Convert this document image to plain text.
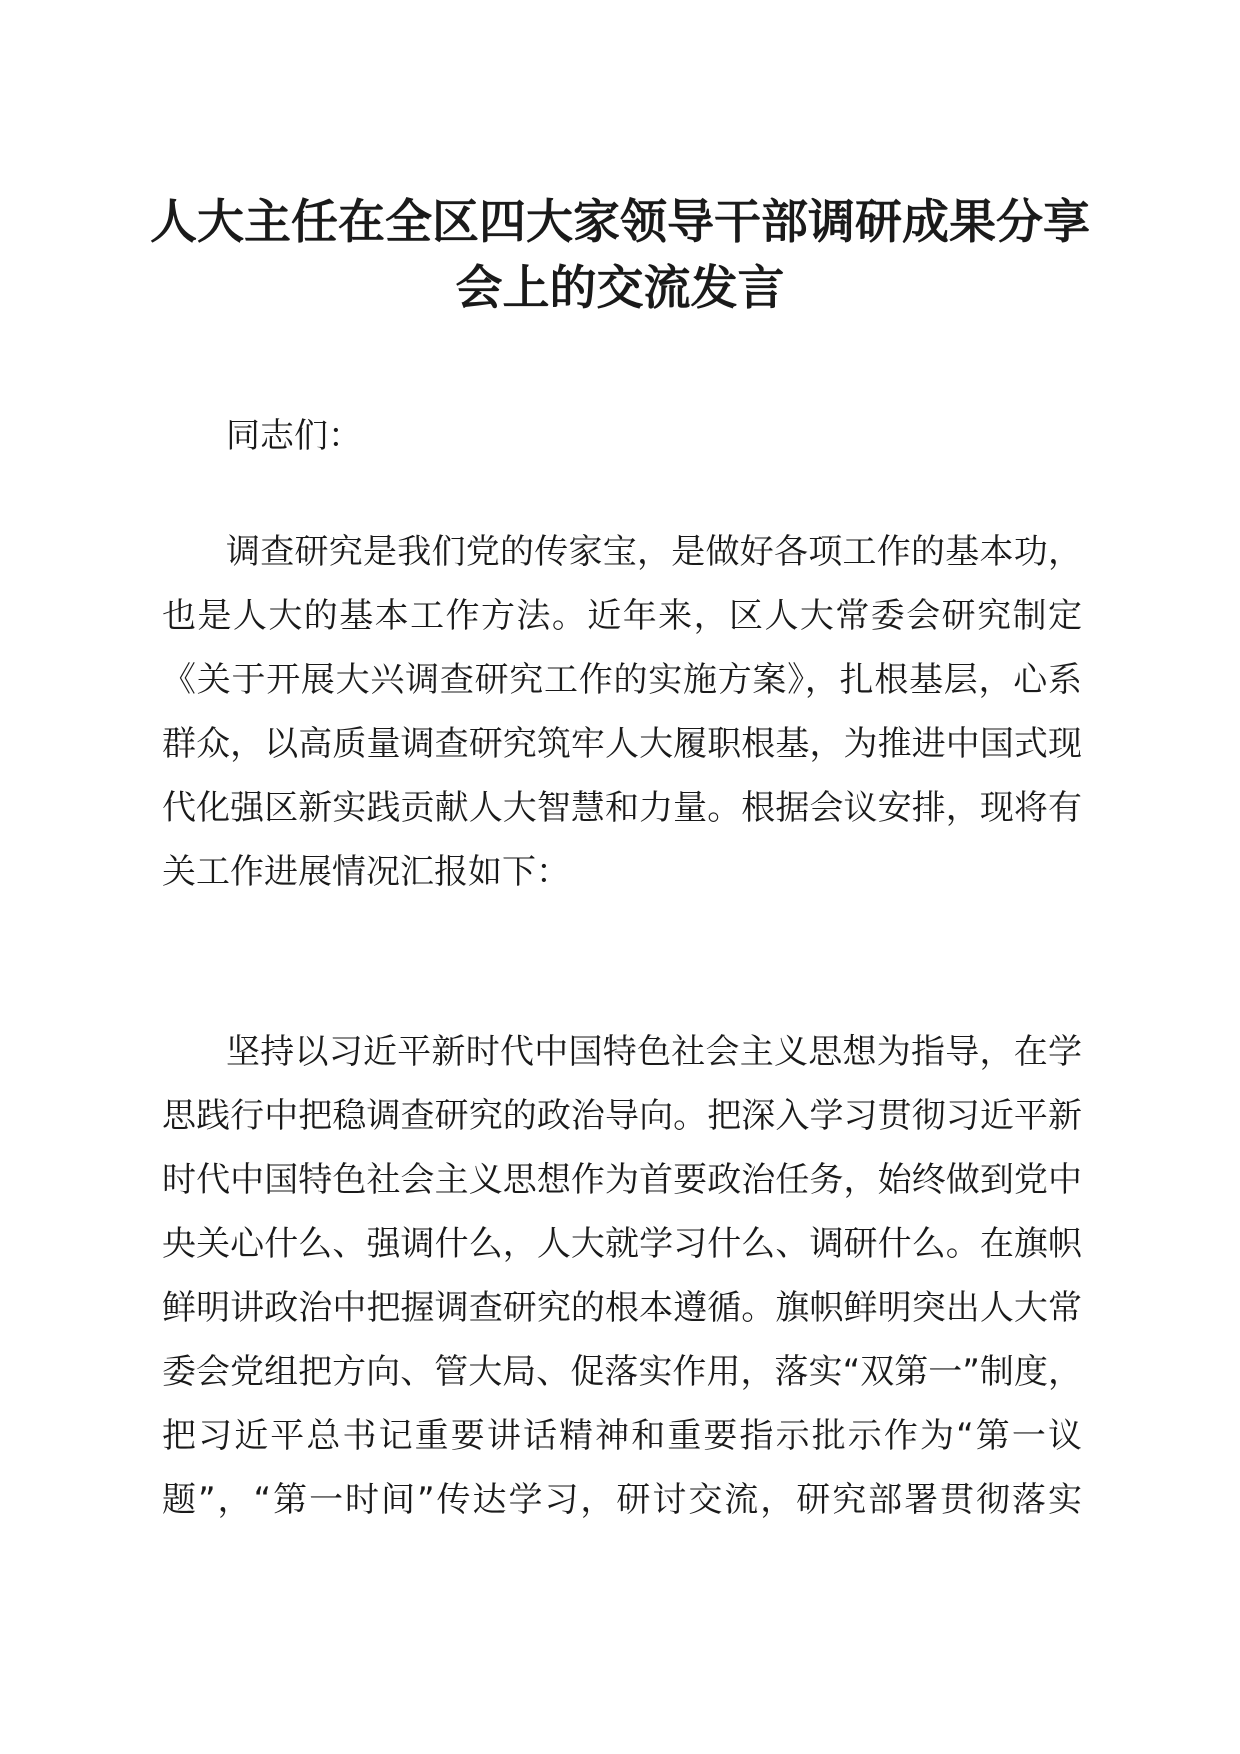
人大主任在全区四大家领导干部调研成果分享
会上的交流发言

同志们：

调查研究是我们党的传家宝，是做好各项工作的基本功，

也是人大的基本工作方法。近年来，区人大常委会研究制定

《关于开展大兴调查研究工作的实施方案》，扎根基层，心系

群众，以高质量调查研究筑牢人大履职根基，为推进中国式现

代化强区新实践贡献人大智慧和力量。根据会议安排，现将有

关工作进展情况汇报如下：

坚持以习近平新时代中国特色社会主义思想为指导，在学

思践行中把稳调查研究的政治导向。把深入学习贯彻习近平新

时代中国特色社会主义思想作为首要政治任务，始终做到党中

央关心什么、强调什么，人大就学习什么、调研什么。在旗帜

鲜明讲政治中把握调查研究的根本遵循。旗帜鲜明突出人大常

委会党组把方向、管大局、促落实作用，落实“双第一”制度，

把习近平总书记重要讲话精神和重要指示批示作为“第一议

题”，“第一时间”传达学习，研讨交流，研究部署贯彻落实
